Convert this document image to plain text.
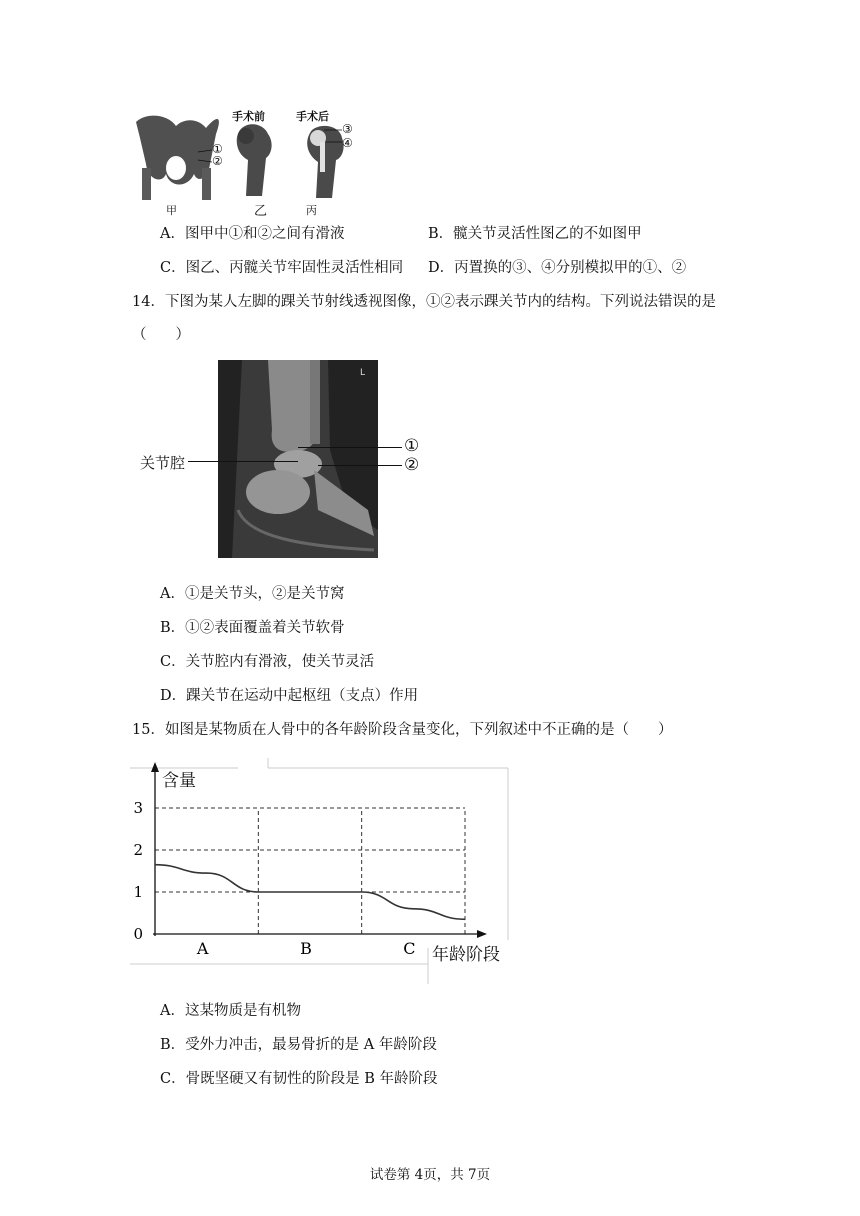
手术前	手术后
①
②
③
④
甲	乙	丙
A．图甲中①和②之间有滑液	B．髋关节灵活性图乙的不如图甲
C．图乙、丙髋关节牢固性灵活性相同 D．丙置换的③、④分别模拟甲的①、②
14．下图为某人左脚的踝关节射线透视图像，①②表示踝关节内的结构。下列说法错误的是
（　　）
L
关节腔
①
②
A．①是关节头，②是关节窝
B．①②表面覆盖着关节软骨
C．关节腔内有滑液，使关节灵活
D．踝关节在运动中起枢纽（支点）作用
15．如图是某物质在人骨中的各年龄阶段含量变化，下列叙述中不正确的是（　　）
0
1
2
3
A	B	C
含量
年龄阶段
A．这某物质是有机物
B．受外力冲击，最易骨折的是 A 年龄阶段
C．骨既坚硬又有韧性的阶段是 B 年龄阶段
试卷第 4页，共 7页
